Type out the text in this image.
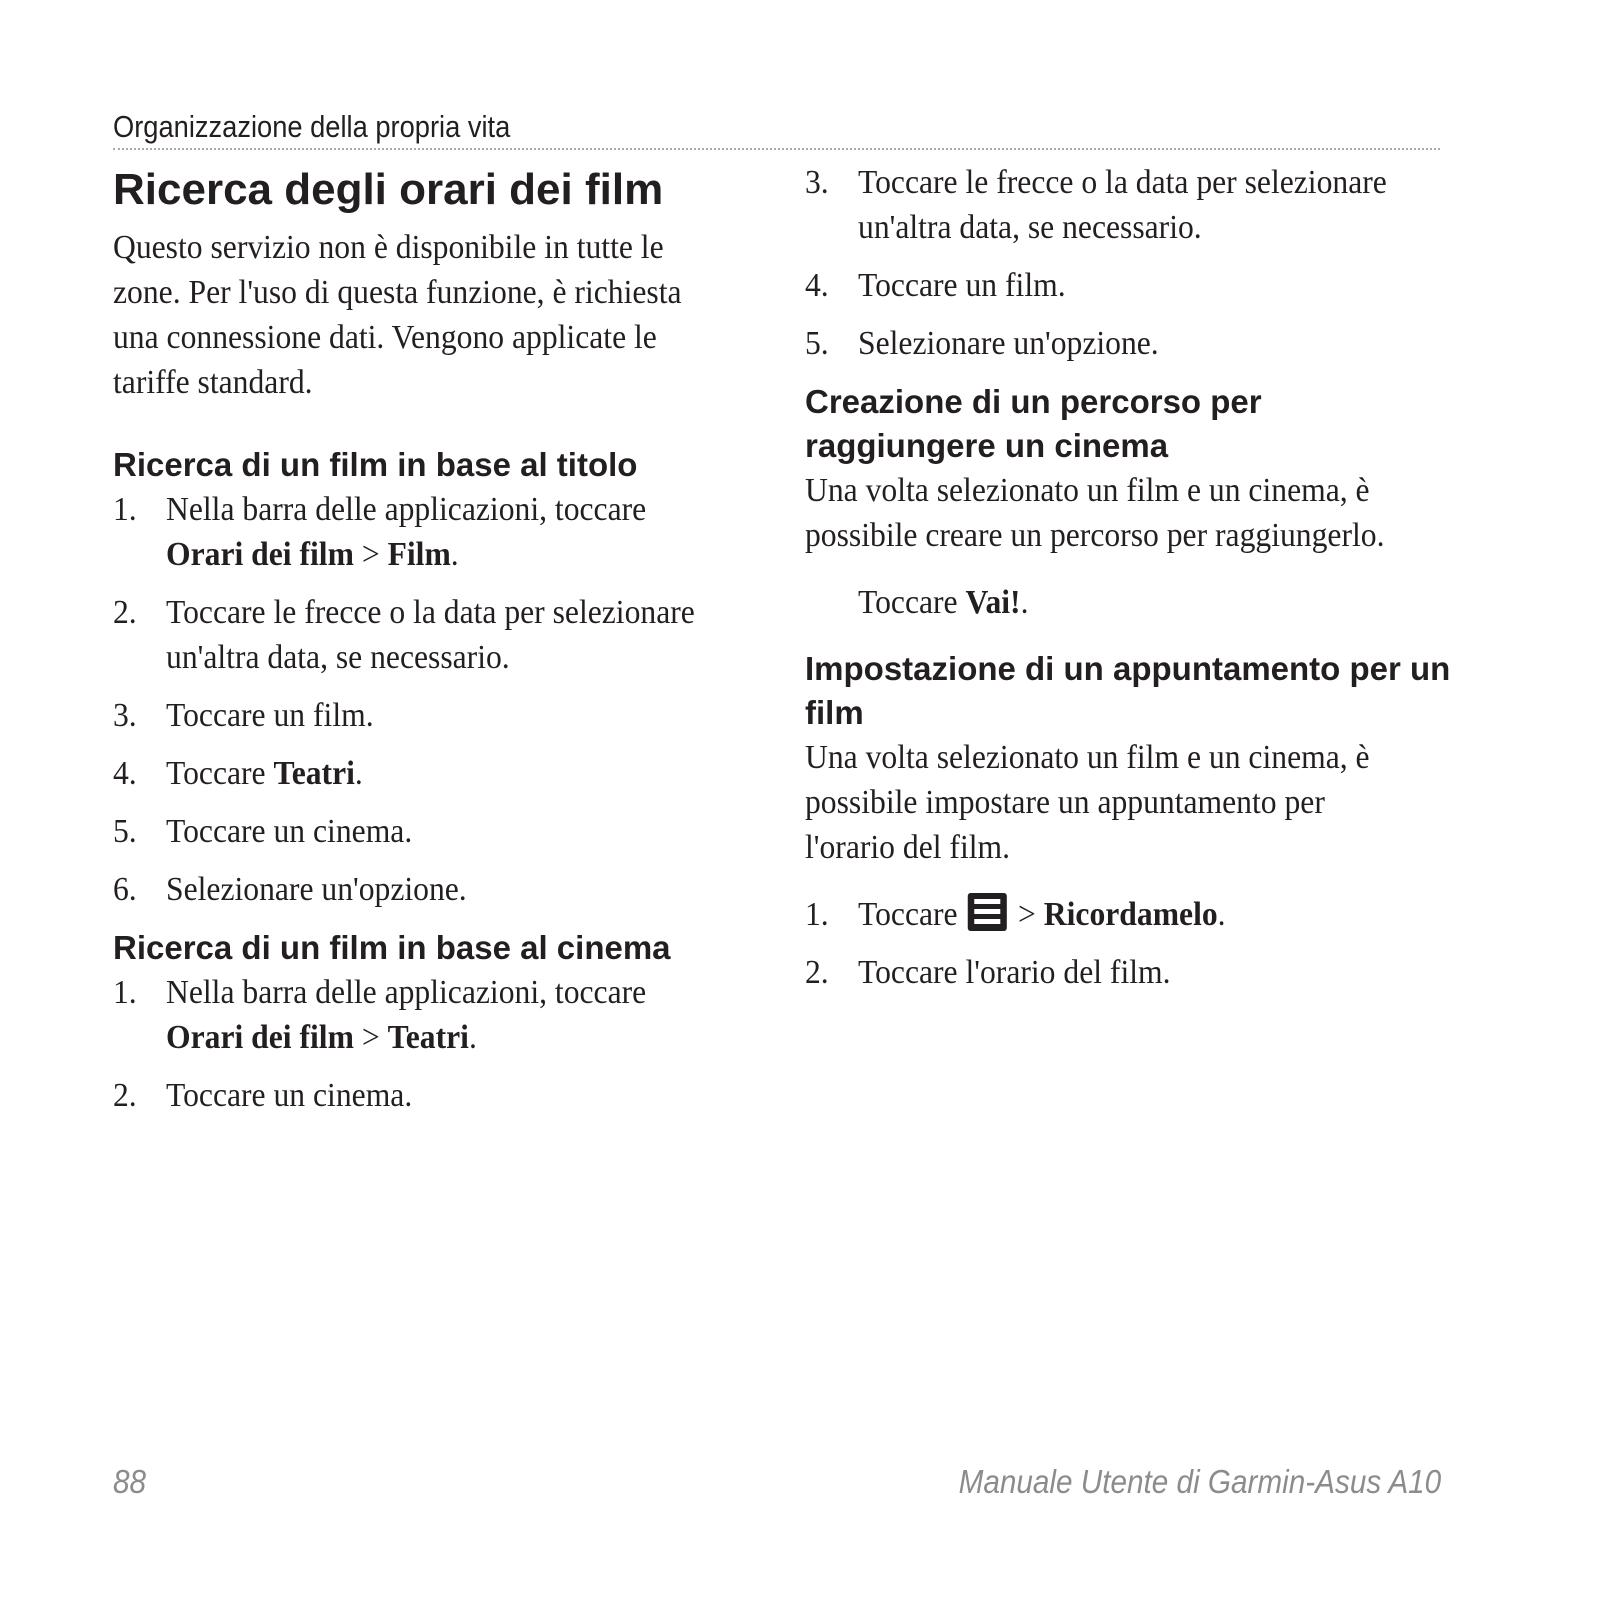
Organizzazione della propria vita
Ricerca degli orari dei film

Questo servizio non è disponibile in tutte le zone. Per l'uso di questa funzione, è richiesta una connessione dati. Vengono applicate le tariffe standard.

Ricerca di un film in base al titolo
1. Nella barra delle applicazioni, toccare Orari dei film > Film.
2. Toccare le frecce o la data per selezionare un'altra data, se necessario.
3. Toccare un film.
4. Toccare Teatri.
5. Toccare un cinema.
6. Selezionare un'opzione.
Ricerca di un film in base al cinema
1. Nella barra delle applicazioni, toccare Orari dei film > Teatri.
2. Toccare un cinema.
3. Toccare le frecce o la data per selezionare un'altra data, se necessario.
4. Toccare un film.
5. Selezionare un'opzione.
Creazione di un percorso per raggiungere un cinema

Una volta selezionato un film e un cinema, è possibile creare un percorso per raggiungerlo.

Toccare Vai!.

Impostazione di un appuntamento per un film

Una volta selezionato un film e un cinema, è possibile impostare un appuntamento per l'orario del film.

1. Toccare
> Ricordamelo.
2. Toccare l'orario del film.
88	Manuale Utente di Garmin-Asus A10
